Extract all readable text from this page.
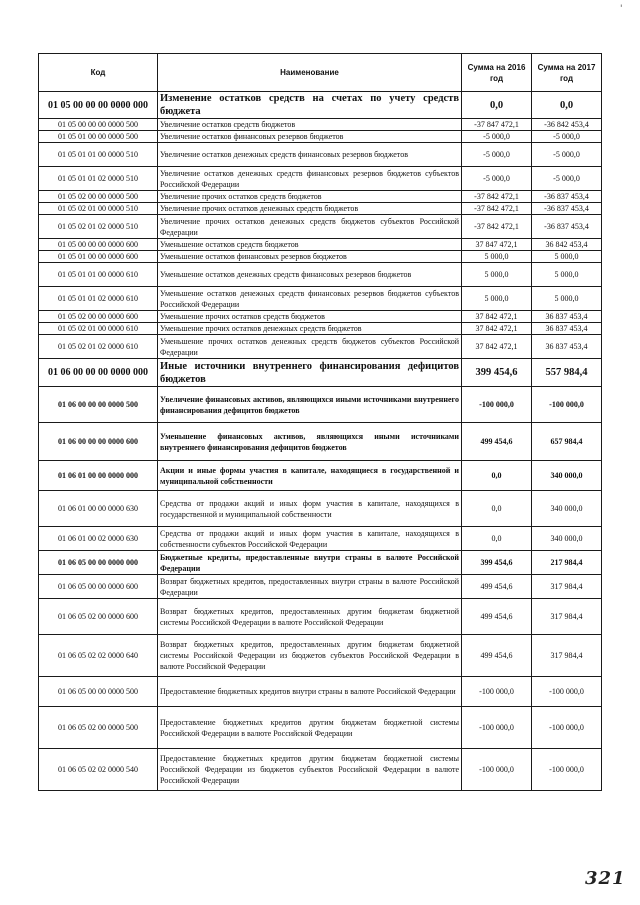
'
Код	Наименование	Сумма на 2016 год	Сумма на 2017 год
01 05 00 00 00 0000 000	Изменение остатков средств на счетах по учету средств бюджета	0,0	0,0
01 05 00 00 00 0000 500	Увеличение остатков средств бюджетов	-37 847 472,1	-36 842 453,4
01 05 01 00 00 0000 500	Увеличение остатков финансовых резервов бюджетов	-5 000,0	-5 000,0
01 05 01 01 00 0000 510	Увеличение остатков денежных средств финансовых резервов бюджетов	-5 000,0	-5 000,0
01 05 01 01 02 0000 510	Увеличение остатков денежных средств финансовых резервов бюджетов субъектов Российской Федерации	-5 000,0	-5 000,0
01 05 02 00 00 0000 500	Увеличение прочих остатков средств бюджетов	-37 842 472,1	-36 837 453,4
01 05 02 01 00 0000 510	Увеличение прочих остатков денежных средств бюджетов	-37 842 472,1	-36 837 453,4
01 05 02 01 02 0000 510	Увеличение прочих остатков денежных средств бюджетов субъектов Российской Федерации	-37 842 472,1	-36 837 453,4
01 05 00 00 00 0000 600	Уменьшение остатков средств бюджетов	37 847 472,1	36 842 453,4
01 05 01 00 00 0000 600	Уменьшение остатков финансовых резервов бюджетов	5 000,0	5 000,0
01 05 01 01 00 0000 610	Уменьшение остатков денежных средств финансовых резервов бюджетов	5 000,0	5 000,0
01 05 01 01 02 0000 610	Уменьшение остатков денежных средств финансовых резервов бюджетов субъектов Российской Федерации	5 000,0	5 000,0
01 05 02 00 00 0000 600	Уменьшение прочих остатков средств бюджетов	37 842 472,1	36 837 453,4
01 05 02 01 00 0000 610	Уменьшение прочих остатков денежных средств бюджетов	37 842 472,1	36 837 453,4
01 05 02 01 02 0000 610	Уменьшение прочих остатков денежных средств бюджетов субъектов Российской Федерации	37 842 472,1	36 837 453,4
01 06 00 00 00 0000 000	Иные источники внутреннего финансирования дефицитов бюджетов	399 454,6	557 984,4
01 06 00 00 00 0000 500	Увеличение финансовых активов, являющихся иными источниками внутреннего финансирования дефицитов бюджетов	-100 000,0	-100 000,0
01 06 00 00 00 0000 600	Уменьшение финансовых активов, являющихся иными источниками внутреннего финансирования дефицитов бюджетов	499 454,6	657 984,4
01 06 01 00 00 0000 000	Акции и иные формы участия в капитале, находящиеся в государственной и муниципальной собственности	0,0	340 000,0
01 06 01 00 00 0000 630	Средства от продажи акций и иных форм участия в капитале, находящихся в государственной и муниципальной собственности	0,0	340 000,0
01 06 01 00 02 0000 630	Средства от продажи акций и иных форм участия в капитале, находящихся в собственности субъектов Российской Федерации	0,0	340 000,0
01 06 05 00 00 0000 000	Бюджетные кредиты, предоставленные внутри страны в валюте Российской Федерации	399 454,6	217 984,4
01 06 05 00 00 0000 600	Возврат бюджетных кредитов, предоставленных внутри страны в валюте Российской Федерации	499 454,6	317 984,4
01 06 05 02 00 0000 600	Возврат бюджетных кредитов, предоставленных другим бюджетам бюджетной системы Российской Федерации в валюте Российской Федерации	499 454,6	317 984,4
01 06 05 02 02 0000 640	Возврат бюджетных кредитов, предоставленных другим бюджетам бюджетной системы Российской Федерации из бюджетов субъектов Российской Федерации в валюте Российской Федерации	499 454,6	317 984,4
01 06 05 00 00 0000 500	Предоставление бюджетных кредитов внутри страны в валюте Российской Федерации	-100 000,0	-100 000,0
01 06 05 02 00 0000 500	Предоставление бюджетных кредитов другим бюджетам бюджетной системы Российской Федерации в валюте Российской Федерации	-100 000,0	-100 000,0
01 06 05 02 02 0000 540	Предоставление бюджетных кредитов другим бюджетам бюджетной системы Российской Федерации из бюджетов субъектов Российской Федерации в валюте Российской Федерации	-100 000,0	-100 000,0
321
